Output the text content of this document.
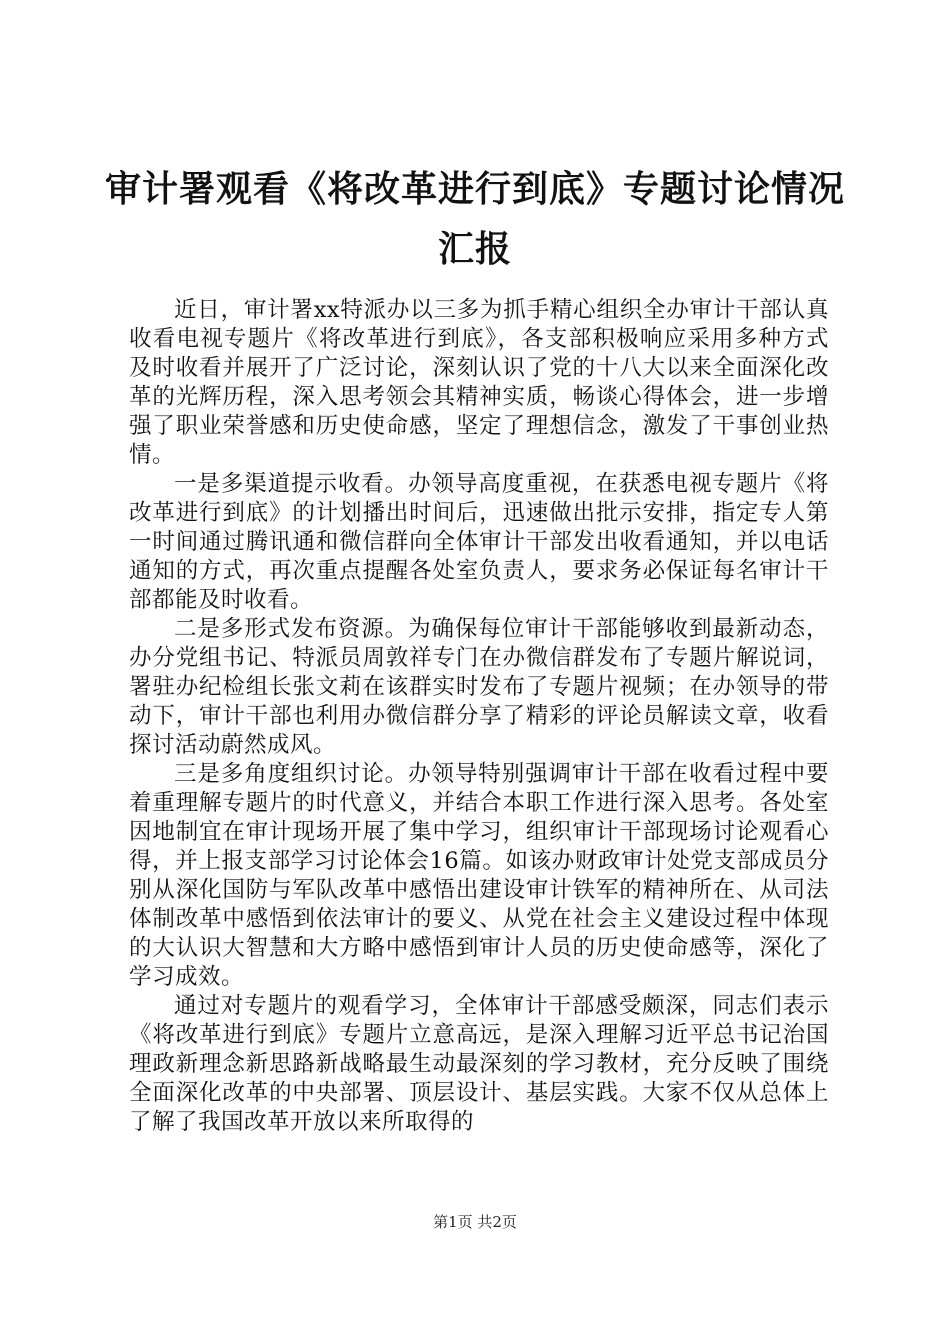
审计署观看《将改革进行到底》专题讨论情况汇报

近日，审计署xx特派办以三多为抓手精心组织全办审计干部认真收看电视专题片《将改革进行到底》，各支部积极响应采用多种方式及时收看并展开了广泛讨论，深刻认识了党的十八大以来全面深化改革的光辉历程，深入思考领会其精神实质，畅谈心得体会，进一步增强了职业荣誉感和历史使命感，坚定了理想信念，激发了干事创业热情。

一是多渠道提示收看。办领导高度重视，在获悉电视专题片《将改革进行到底》的计划播出时间后，迅速做出批示安排，指定专人第一时间通过腾讯通和微信群向全体审计干部发出收看通知，并以电话通知的方式，再次重点提醒各处室负责人，要求务必保证每名审计干部都能及时收看。

二是多形式发布资源。为确保每位审计干部能够收到最新动态，办分党组书记、特派员周敦祥专门在办微信群发布了专题片解说词，署驻办纪检组长张文莉在该群实时发布了专题片视频；在办领导的带动下，审计干部也利用办微信群分享了精彩的评论员解读文章，收看探讨活动蔚然成风。

三是多角度组织讨论。办领导特别强调审计干部在收看过程中要着重理解专题片的时代意义，并结合本职工作进行深入思考。各处室因地制宜在审计现场开展了集中学习，组织审计干部现场讨论观看心得，并上报支部学习讨论体会16篇。如该办财政审计处党支部成员分别从深化国防与军队改革中感悟出建设审计铁军的精神所在、从司法体制改革中感悟到依法审计的要义、从党在社会主义建设过程中体现的大认识大智慧和大方略中感悟到审计人员的历史使命感等，深化了学习成效。

通过对专题片的观看学习，全体审计干部感受颇深，同志们表示《将改革进行到底》专题片立意高远，是深入理解习近平总书记治国理政新理念新思路新战略最生动最深刻的学习教材，充分反映了围绕全面深化改革的中央部署、顶层设计、基层实践。大家不仅从总体上了解了我国改革开放以来所取得的

第1页 共2页
